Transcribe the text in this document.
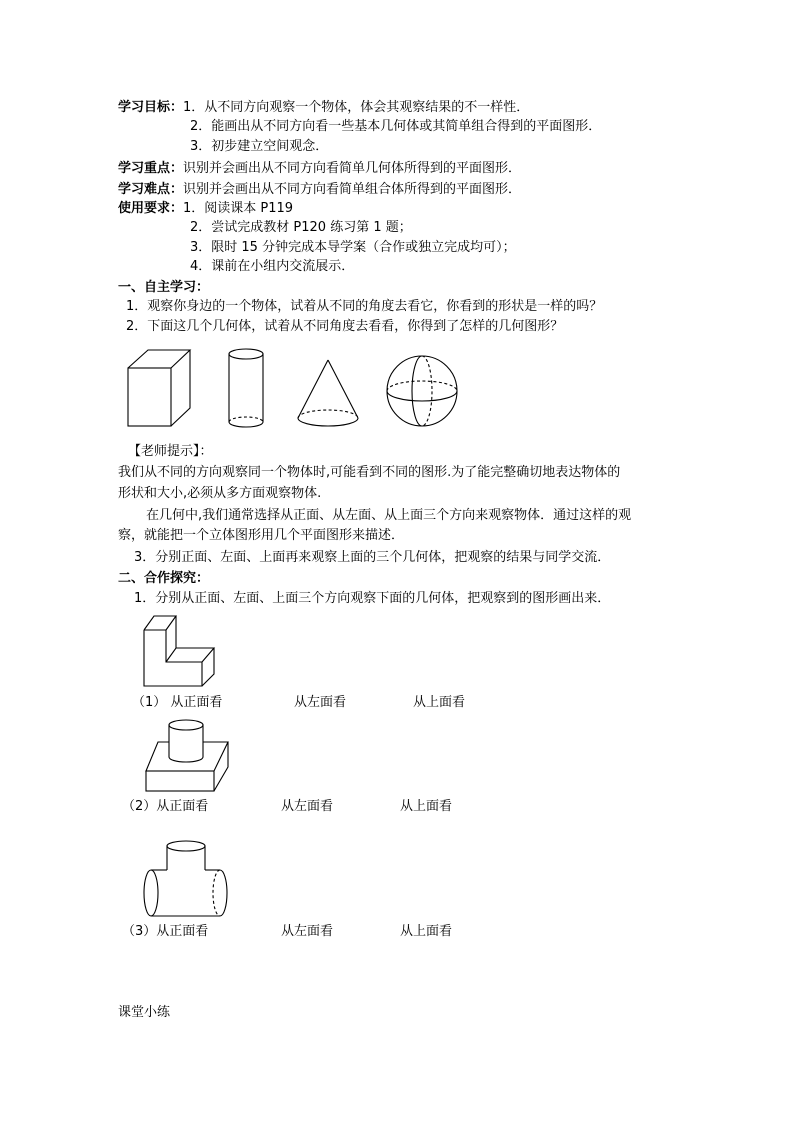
学习目标：1．从不同方向观察一个物体，体会其观察结果的不一样性．
2．能画出从不同方向看一些基本几何体或其简单组合得到的平面图形．
3．初步建立空间观念．
学习重点：识别并会画出从不同方向看简单几何体所得到的平面图形．
学习难点：识别并会画出从不同方向看简单组合体所得到的平面图形．
使用要求：1．阅读课本 P119
2．尝试完成教材 P120 练习第 1 题；
3．限时 15 分钟完成本导学案（合作或独立完成均可）；
4．课前在小组内交流展示．
一、自主学习：
1．观察你身边的一个物体，试着从不同的角度去看它，你看到的形状是一样的吗？
2．下面这几个几何体，试着从不同角度去看看，你得到了怎样的几何图形？
【老师提示】：
我们从不同的方向观察同一个物体时,可能看到不同的图形.为了能完整确切地表达物体的
形状和大小,必须从多方面观察物体.
在几何中,我们通常选择从正面、从左面、从上面三个方向来观察物体．通过这样的观
察，就能把一个立体图形用几个平面图形来描述．
3．分别正面、左面、上面再来观察上面的三个几何体，把观察的结果与同学交流．
二、合作探究：
1．分别从正面、左面、上面三个方向观察下面的几何体，把观察到的图形画出来．
（1） 从正面看	从左面看	从上面看
（2）从正面看	从左面看	从上面看
（3）从正面看	从左面看	从上面看
课堂小练
